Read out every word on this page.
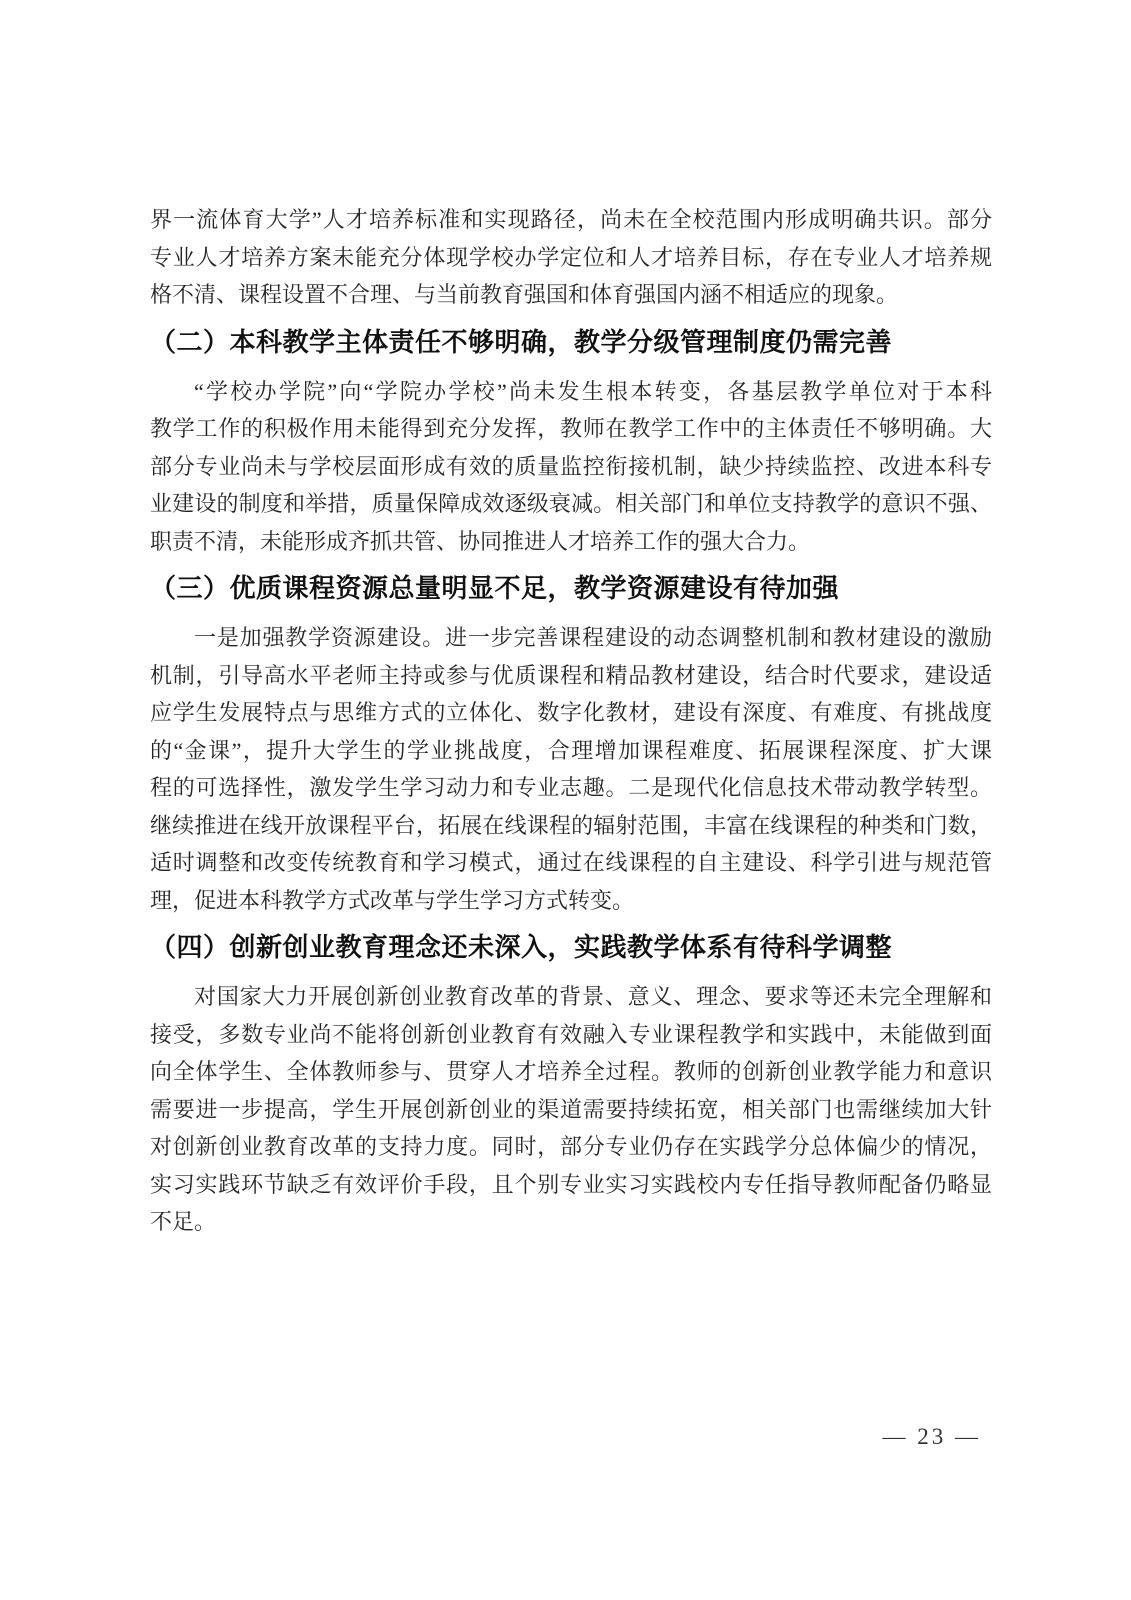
界一流体育大学”人才培养标准和实现路径，尚未在全校范围内形成明确共识。部分
专业人才培养方案未能充分体现学校办学定位和人才培养目标，存在专业人才培养规
格不清、课程设置不合理、与当前教育强国和体育强国内涵不相适应的现象。

（二）本科教学主体责任不够明确，教学分级管理制度仍需完善

“学校办学院”向“学院办学校”尚未发生根本转变，各基层教学单位对于本科
教学工作的积极作用未能得到充分发挥，教师在教学工作中的主体责任不够明确。大
部分专业尚未与学校层面形成有效的质量监控衔接机制，缺少持续监控、改进本科专
业建设的制度和举措，质量保障成效逐级衰减。相关部门和单位支持教学的意识不强、
职责不清，未能形成齐抓共管、协同推进人才培养工作的强大合力。

（三）优质课程资源总量明显不足，教学资源建设有待加强

一是加强教学资源建设。进一步完善课程建设的动态调整机制和教材建设的激励
机制，引导高水平老师主持或参与优质课程和精品教材建设，结合时代要求，建设适
应学生发展特点与思维方式的立体化、数字化教材，建设有深度、有难度、有挑战度
的“金课”，提升大学生的学业挑战度，合理增加课程难度、拓展课程深度、扩大课
程的可选择性，激发学生学习动力和专业志趣。二是现代化信息技术带动教学转型。
继续推进在线开放课程平台，拓展在线课程的辐射范围，丰富在线课程的种类和门数，
适时调整和改变传统教育和学习模式，通过在线课程的自主建设、科学引进与规范管
理，促进本科教学方式改革与学生学习方式转变。

（四）创新创业教育理念还未深入，实践教学体系有待科学调整

对国家大力开展创新创业教育改革的背景、意义、理念、要求等还未完全理解和
接受，多数专业尚不能将创新创业教育有效融入专业课程教学和实践中，未能做到面
向全体学生、全体教师参与、贯穿人才培养全过程。教师的创新创业教学能力和意识
需要进一步提高，学生开展创新创业的渠道需要持续拓宽，相关部门也需继续加大针
对创新创业教育改革的支持力度。同时，部分专业仍存在实践学分总体偏少的情况，
实习实践环节缺乏有效评价手段，且个别专业实习实践校内专任指导教师配备仍略显
不足。

— 23 —
